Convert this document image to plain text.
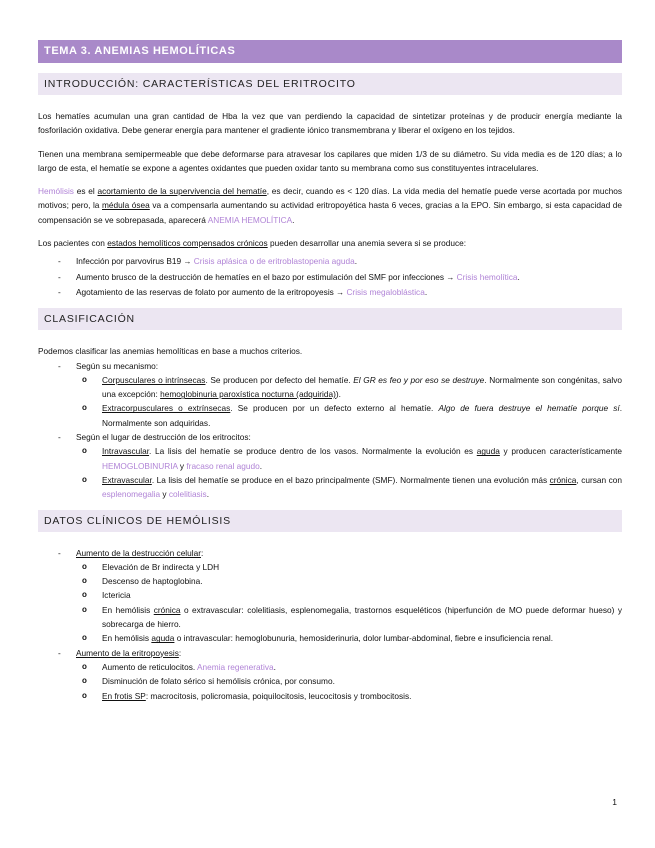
TEMA 3. ANEMIAS HEMOLÍTICAS
INTRODUCCIÓN: CARACTERÍSTICAS DEL ERITROCITO

Los hematíes acumulan una gran cantidad de Hba la vez que van perdiendo la capacidad de sintetizar proteínas y de producir energía mediante la fosforilación oxidativa. Debe generar energía para mantener el gradiente iónico transmembrana y liberar el oxígeno en los tejidos.

Tienen una membrana semipermeable que debe deformarse para atravesar los capilares que miden 1/3 de su diámetro. Su vida media es de 120 días; a lo largo de esta, el hematíe se expone a agentes oxidantes que pueden oxidar tanto su membrana como sus constituyentes intracelulares.

Hemólisis es el acortamiento de la supervivencia del hematíe, es decir, cuando es < 120 días. La vida media del hematíe puede verse acortada por muchos motivos; pero, la médula ósea va a compensarla aumentando su actividad eritropoyética hasta 6 veces, gracias a la EPO. Sin embargo, si esta capacidad de compensación se ve sobrepasada, aparecerá ANEMIA HEMOLÍTICA.

Los pacientes con estados hemolíticos compensados crónicos pueden desarrollar una anemia severa si se produce:

- Infección por parvovirus B19 → Crisis aplásica o de eritroblastopenia aguda.
- Aumento brusco de la destrucción de hematíes en el bazo por estimulación del SMF por infecciones → Crisis hemolítica.
- Agotamiento de las reservas de folato por aumento de la eritropoyesis → Crisis megaloblástica.
CLASIFICACIÓN

Podemos clasificar las anemias hemolíticas en base a muchos criterios.

- Según su mecanismo:
o Corpusculares o intrínsecas. Se producen por defecto del hematíe. El GR es feo y por eso se destruye. Normalmente son congénitas, salvo una excepción: hemoglobinuria paroxística nocturna (adquirida)).
o Extracorpusculares o extrínsecas. Se producen por un defecto externo al hematíe. Algo de fuera destruye el hematíe porque sí. Normalmente son adquiridas.
- Según el lugar de destrucción de los eritrocitos:
o Intravascular. La lisis del hematíe se produce dentro de los vasos. Normalmente la evolución es aguda y producen característicamente HEMOGLOBINURIA y fracaso renal agudo.
o Extravascular. La lisis del hematíe se produce en el bazo principalmente (SMF). Normalmente tienen una evolución más crónica, cursan con esplenomegalia y colelitiasis.
DATOS CLÍNICOS DE HEMÓLISIS
- Aumento de la destrucción celular:
o Elevación de Br indirecta y LDH
o Descenso de haptoglobina.
o Ictericia
o En hemólisis crónica o extravascular: colelitiasis, esplenomegalia, trastornos esqueléticos (hiperfunción de MO puede deformar hueso) y sobrecarga de hierro.
o En hemólisis aguda o intravascular: hemoglobunuria, hemosiderinuria, dolor lumbar-abdominal, fiebre e insuficiencia renal.
- Aumento de la eritropoyesis:
o Aumento de reticulocitos. Anemia regenerativa.
o Disminución de folato sérico si hemólisis crónica, por consumo.
o En frotis SP: macrocitosis, policromasia, poiquilocitosis, leucocitosis y trombocitosis.
1
